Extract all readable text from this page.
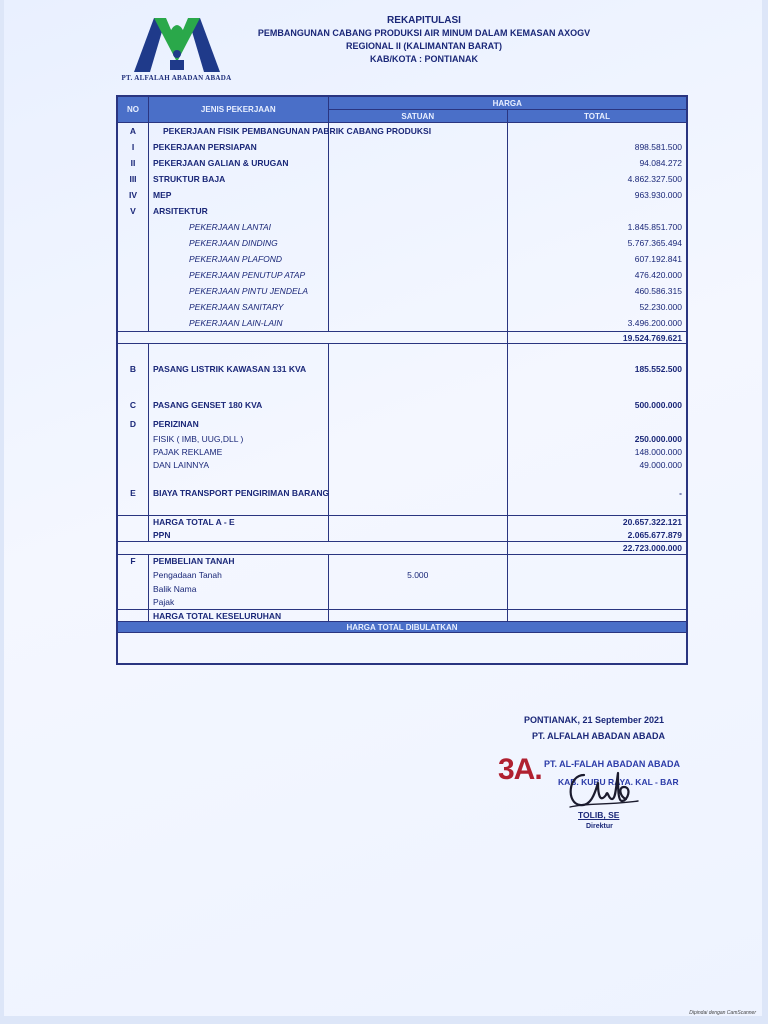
PT. ALFALAH ABADAN ABADA
REKAPITULASI
PEMBANGUNAN CABANG PRODUKSI AIR MINUM DALAM KEMASAN AXOGV
REGIONAL II (KALIMANTAN BARAT)
KAB/KOTA : PONTIANAK
NO	JENIS PEKERJAAN	HARGA	
		SATUAN	TOTAL
A	PEKERJAAN FISIK PEMBANGUNAN PABRIK CABANG PRODUKSI		
I	PEKERJAAN PERSIAPAN		898.581.500
II	PEKERJAAN GALIAN & URUGAN		94.084.272
III	STRUKTUR BAJA		4.862.327.500
IV	MEP		963.930.000
V	ARSITEKTUR		
	PEKERJAAN LANTAI		1.845.851.700
	PEKERJAAN DINDING		5.767.365.494
	PEKERJAAN PLAFOND		607.192.841
	PEKERJAAN PENUTUP ATAP		476.420.000
	PEKERJAAN PINTU JENDELA		460.586.315
	PEKERJAAN SANITARY		52.230.000
	PEKERJAAN LAIN-LAIN		3.496.200.000
			19.524.769.621

B	PASANG LISTRIK KAWASAN 131 KVA		185.552.500

C	PASANG GENSET 180 KVA		500.000.000
D	PERIZINAN		
	FISIK ( IMB, UUG,DLL )		250.000.000
	PAJAK REKLAME		148.000.000
	DAN LAINNYA		49.000.000

E	BIAYA TRANSPORT PENGIRIMAN BARANG		-

	HARGA TOTAL A - E		20.657.322.121
	PPN		2.065.677.879
			22.723.000.000
F	PEMBELIAN TANAH		
	Pengadaan Tanah	5.000	
	Balik Nama		
	Pajak		
	HARGA TOTAL KESELURUHAN		
HARGA TOTAL DIBULATKAN			

PONTIANAK, 21 September 2021
PT. ALFALAH ABADAN ABADA
3A. PT. AL-FALAH ABADAN ABADA
KAB. KUBU RAYA. KAL - BAR
TOLIB, SE
Direktur
Dipindai dengan CamScanner
